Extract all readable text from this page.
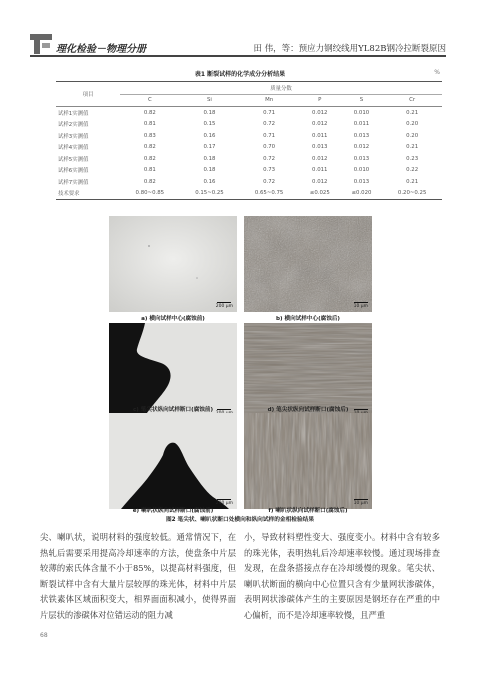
理化检验－物理分册	田 伟，等：预应力钢绞线用YL82B钢冷拉断裂原因
表1 断裂试样的化学成分分析结果	%
项目	质量分数					
	C	Si	Mn	P	S	Cr
试样1实测值	0.82	0.18	0.71	0.012	0.010	0.21
试样2实测值	0.81	0.15	0.72	0.012	0.011	0.20
试样3实测值	0.83	0.16	0.71	0.011	0.013	0.20
试样4实测值	0.82	0.17	0.70	0.013	0.012	0.21
试样5实测值	0.82	0.18	0.72	0.012	0.013	0.23
试样6实测值	0.81	0.18	0.73	0.011	0.010	0.22
试样7实测值	0.82	0.16	0.72	0.012	0.013	0.21
技术要求	0.80~0.85	0.15~0.25	0.65~0.75	≤0.025	≤0.020	0.20~0.25
200 μm
a) 横向试样中心(腐蚀前)
10 μm
b) 横向试样中心(腐蚀后)
c) 笔尖状纵向试样断口(腐蚀前)	d) 笔尖状纵向试样断口(腐蚀后)
200 μm
e) 喇叭状纵向试样断口(腐蚀前)
10 μm
f) 喇叭状纵向试样断口(腐蚀后)
图2 笔尖状、喇叭状断口处横向和纵向试样的金相检验结果

尖、喇叭状，说明材料的强度较低。通常情况下，在热轧后需要采用提高冷却速率的方法，使盘条中片层较薄的索氏体含量不小于85%，以提高材料强度，但断裂试样中含有大量片层较厚的珠光体，材料中片层状铁素体区域面积变大，相界面面积减小，使得界面片层状的渗碳体对位错运动的阻力减

小，导致材料塑性变大、强度变小。材料中含有较多的珠光体，表明热轧后冷却速率较慢。通过现场排查发现，在盘条搭接点存在冷却缓慢的现象。笔尖状、喇叭状断面的横向中心位置只含有少量网状渗碳体，表明网状渗碳体产生的主要原因是钢坯存在严重的中心偏析，而不是冷却速率较慢，且严重

68
